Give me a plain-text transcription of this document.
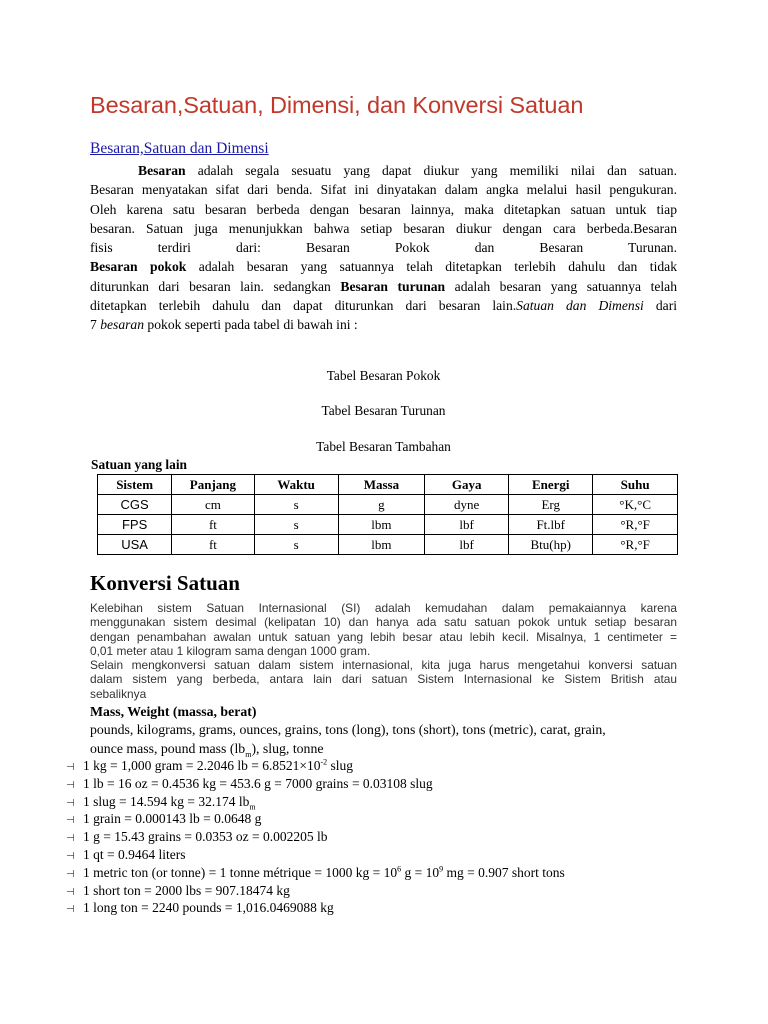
Besaran,Satuan, Dimensi, dan Konversi Satuan
Besaran,Satuan dan Dimensi
Besaran adalah segala sesuatu yang dapat diukur yang memiliki nilai dan satuan.
Besaran menyatakan sifat dari benda. Sifat ini dinyatakan dalam angka melalui hasil pengukuran.
Oleh karena satu besaran berbeda dengan besaran lainnya, maka ditetapkan satuan untuk tiap
besaran. Satuan juga menunjukkan bahwa setiap besaran diukur dengan cara berbeda.Besaran
fisis terdiri dari: Besaran Pokok dan Besaran Turunan.
Besaran pokok adalah besaran yang satuannya telah ditetapkan terlebih dahulu dan tidak
diturunkan dari besaran lain. sedangkan Besaran turunan adalah besaran yang satuannya telah
ditetapkan terlebih dahulu dan dapat diturunkan dari besaran lain.Satuan dan Dimensi dari
7 besaran pokok seperti pada tabel di bawah ini :
Tabel Besaran Pokok
Tabel Besaran Turunan
Tabel Besaran Tambahan
Satuan yang lain
Sistem	Panjang	Waktu	Massa	Gaya	Energi	Suhu
CGS	cm	s	g	dyne	Erg	°K,°C
FPS	ft	s	lbm	lbf	Ft.lbf	°R,°F
USA	ft	s	lbm	lbf	Btu(hp)	°R,°F
Konversi Satuan
Kelebihan sistem Satuan Internasional (SI) adalah kemudahan dalam pemakaiannya karena
menggunakan sistem desimal (kelipatan 10) dan hanya ada satu satuan pokok untuk setiap besaran
dengan penambahan awalan untuk satuan yang lebih besar atau lebih kecil. Misalnya, 1 centimeter =
0,01 meter atau 1 kilogram sama dengan 1000 gram.
Selain mengkonversi satuan dalam sistem internasional, kita juga harus mengetahui konversi satuan
dalam sistem yang berbeda, antara lain dari satuan Sistem Internasional ke Sistem British atau
sebaliknya
Mass, Weight (massa, berat)
pounds, kilograms, grams, ounces, grains, tons (long), tons (short), tons (metric), carat, grain,
ounce mass, pound mass $(lb_m)$, slug, tonne
⊣ 1 kg = 1,000 gram = 2.2046 lb = $6.8521\times 10^{-2}$ slug
⊣ 1 lb = 16 oz = 0.4536 kg = 453.6 g = 7000 grains = 0.03108 slug
⊣ 1 slug = 14.594 kg = 32.174 $lb_m$
⊣ 1 grain = 0.000143 lb = 0.0648 g
⊣ 1 g = 15.43 grains = 0.0353 oz = 0.002205 lb
⊣ 1 qt = 0.9464 liters
⊣ 1 metric ton (or tonne) = 1 tonne métrique = 1000 kg = $10^6$ $g = 10^9$ mg = 0.907 short tons
⊣ 1 short ton = 2000 lbs = 907.18474 kg
⊣ 1 long ton = 2240 pounds = 1,016.0469088 kg
